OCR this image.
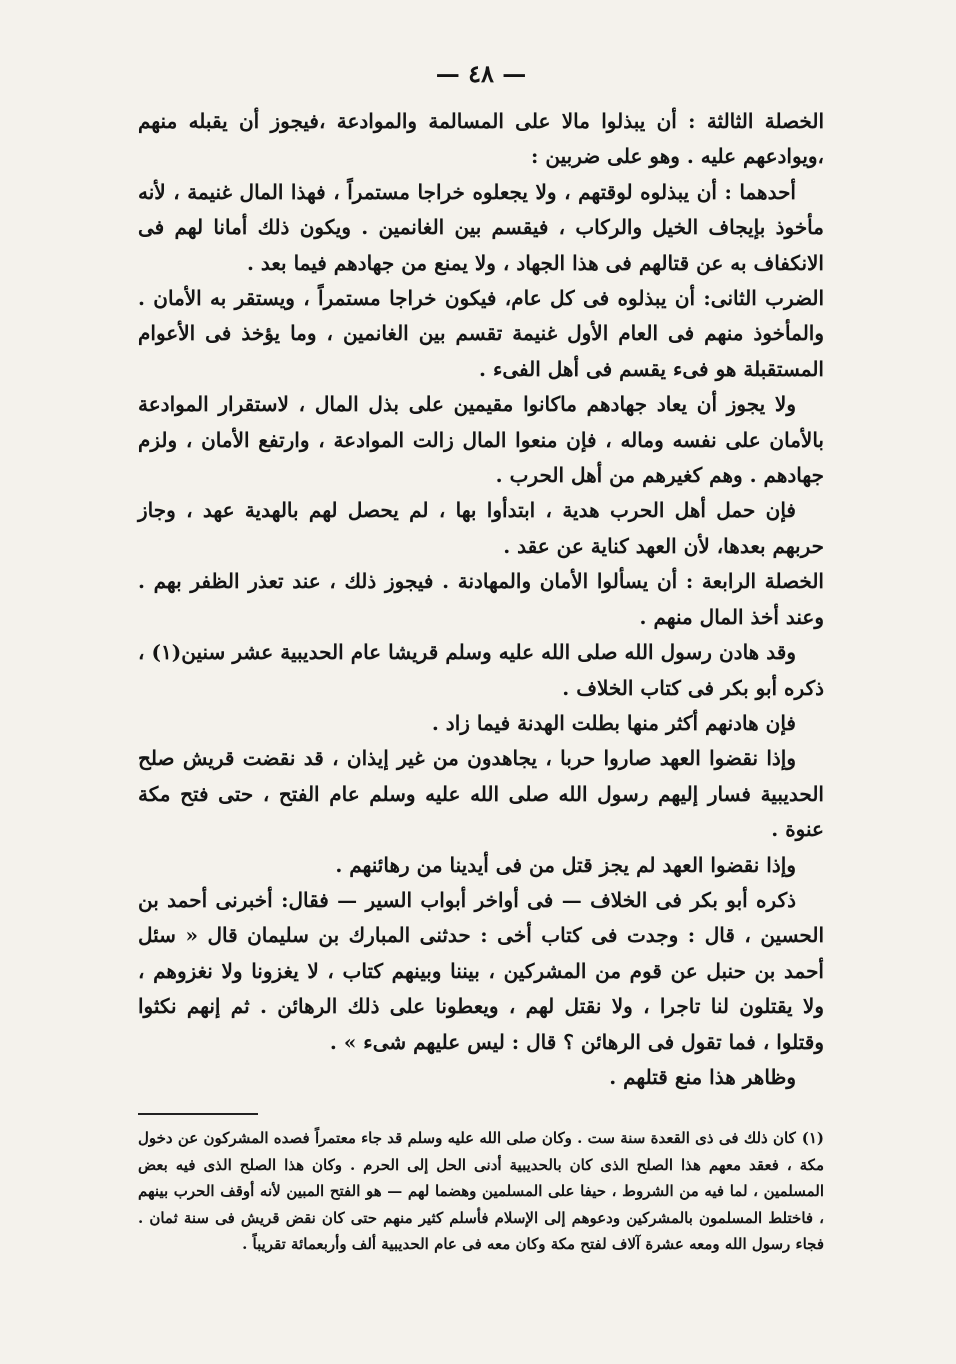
— ٤٨ —

الخصلة الثالثة : أن يبذلوا مالا على المسالمة والموادعة ،فيجوز أن يقبله منهم ،ويوادعهم عليه . وهو على ضربين :

أحدهما : أن يبذلوه لوقتهم ، ولا يجعلوه خراجا مستمراً ، فهذا المال غنيمة ، لأنه مأخوذ بإيجاف الخيل والركاب ، فيقسم بين الغانمين . ويكون ذلك أمانا لهم فى الانكفاف به عن قتالهم فى هذا الجهاد ، ولا يمنع من جهادهم فيما بعد .

الضرب الثانى: أن يبذلوه فى كل عام، فيكون خراجا مستمراً ، ويستقر به الأمان . والمأخوذ منهم فى العام الأول غنيمة تقسم بين الغانمين ، وما يؤخذ فى الأعوام المستقبلة هو فىء يقسم فى أهل الفىء .

ولا يجوز أن يعاد جهادهم ماكانوا مقيمين على بذل المال ، لاستقرار الموادعة بالأمان على نفسه وماله ، فإن منعوا المال زالت الموادعة ، وارتفع الأمان ، ولزم جهادهم . وهم كغيرهم من أهل الحرب .

فإن حمل أهل الحرب هدية ، ابتدأوا بها ، لم يحصل لهم بالهدية عهد ، وجاز حربهم بعدها، لأن العهد كناية عن عقد .

الخصلة الرابعة : أن يسألوا الأمان والمهادنة . فيجوز ذلك ، عند تعذر الظفر بهم . وعند أخذ المال منهم .

وقد هادن رسول الله صلى الله عليه وسلم قريشا عام الحديبية عشر سنين(١) ، ذكره أبو بكر فى كتاب الخلاف .

فإن هادنهم أكثر منها بطلت الهدنة فيما زاد .

وإذا نقضوا العهد صاروا حربا ، يجاهدون من غير إيذان ، قد نقضت قريش صلح الحديبية فسار إليهم رسول الله صلى الله عليه وسلم عام الفتح ، حتى فتح مكة عنوة .

وإذا نقضوا العهد لم يجز قتل من فى أيدينا من رهائنهم .

ذكره أبو بكر فى الخلاف — فى أواخر أبواب السير — فقال: أخبرنى أحمد بن الحسين ، قال : وجدت فى كتاب أخى : حدثنى المبارك بن سليمان قال « سئل أحمد بن حنبل عن قوم من المشركين ، بيننا وبينهم كتاب ، لا يغزونا ولا نغزوهم ، ولا يقتلون لنا تاجرا ، ولا نقتل لهم ، ويعطونا على ذلك الرهائن . ثم إنهم نكثوا وقتلوا ، فما تقول فى الرهائن ؟ قال : ليس عليهم شىء » .

وظاهر هذا منع قتلهم .

(١)كان ذلك فى ذى القعدة سنة ست . وكان صلى الله عليه وسلم قد جاء معتمراً فصده المشركون عن دخول مكة ، فعقد معهم هذا الصلح الذى كان بالحديبية أدنى الحل إلى الحرم . وكان هذا الصلح الذى فيه بعض المسلمين ، لما فيه من الشروط ، حيفا على المسلمين وهضما لهم — هو الفتح المبين لأنه أوقف الحرب بينهم ، فاختلط المسلمون بالمشركين ودعوهم إلى الإسلام فأسلم كثير منهم حتى كان نقض قريش فى سنة ثمان . فجاء رسول الله ومعه عشرة آلاف لفتح مكة وكان معه فى عام الحديبية ألف وأربعمائة تقريباً .
